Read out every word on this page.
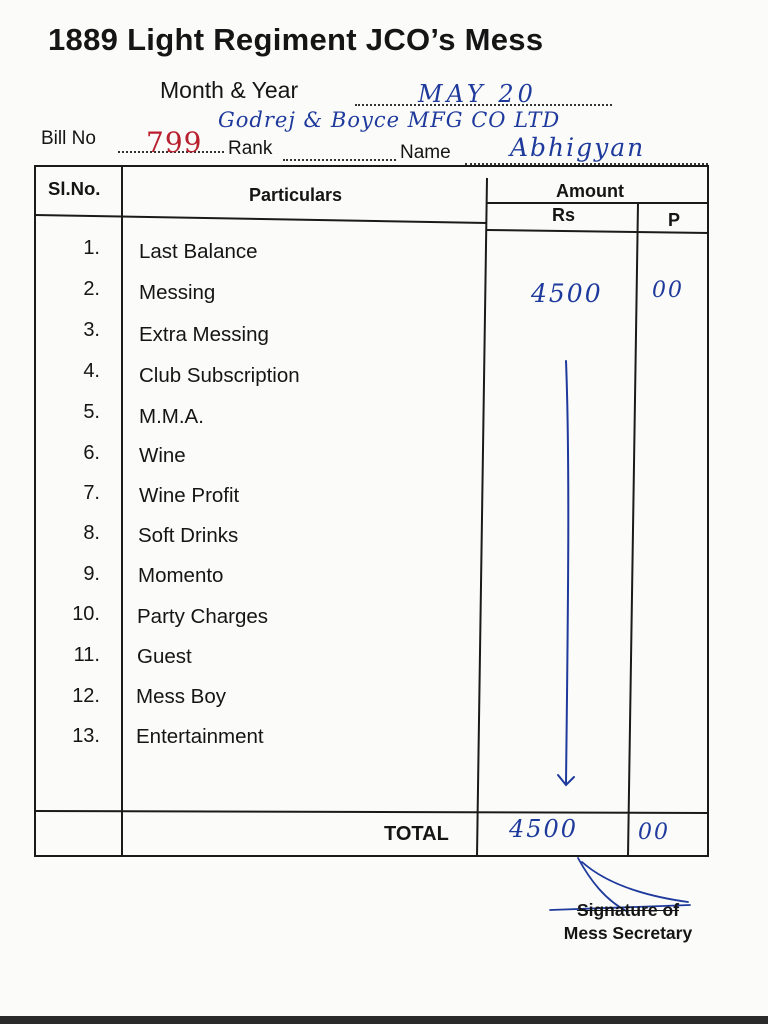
1889 Light Regiment JCO’s Mess
Month & Year	MAY 20
Godrej & Boyce MFG CO LTD
Bill No 799 Rank	Name Abhigyan
Sl.No.	Particulars	Amount
Rs	P
1. Last Balance
2. Messing	4500 00
3. Extra Messing
4. Club Subscription
5. M.M.A.
6. Wine
7. Wine Profit
8. Soft Drinks
9. Momento
10. Party Charges
11. Guest
12. Mess Boy
13. Entertainment
TOTAL	4500	00
Signature of
Mess Secretary
